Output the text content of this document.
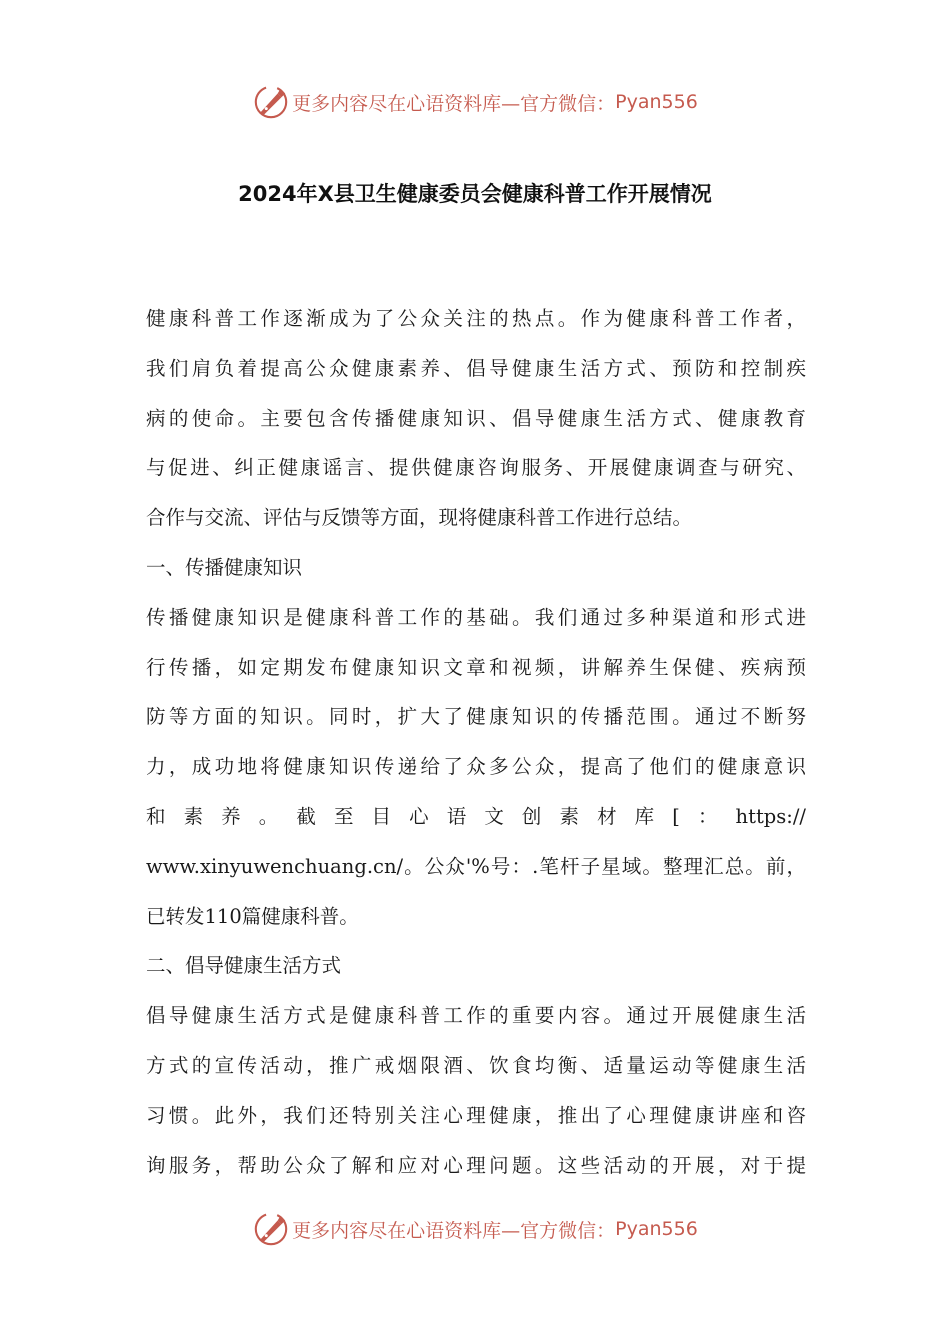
更多内容尽在心语资料库—官方微信： Pyan556
2024年X县卫生健康委员会健康科普工作开展情况
健康科普工作逐渐成为了公众关注的热点。作为健康科普工作者，
我们肩负着提高公众健康素养、倡导健康生活方式、预防和控制疾
病的使命。主要包含传播健康知识、倡导健康生活方式、健康教育
与促进、纠正健康谣言、提供健康咨询服务、开展健康调查与研究、
合作与交流、评估与反馈等方面，现将健康科普工作进行总结。
一、传播健康知识
传播健康知识是健康科普工作的基础。我们通过多种渠道和形式进
行传播，如定期发布健康知识文章和视频，讲解养生保健、疾病预
防等方面的知识。同时，扩大了健康知识的传播范围。通过不断努
力，成功地将健康知识传递给了众多公众，提高了他们的健康意识
和素养。截至目心语文创素材库[：https://
www.xinyuwenchuang.cn/。公众'%号：.笔杆子星域。整理汇总。前，
已转发110篇健康科普。
二、倡导健康生活方式
倡导健康生活方式是健康科普工作的重要内容。通过开展健康生活
方式的宣传活动，推广戒烟限酒、饮食均衡、适量运动等健康生活
习惯。此外，我们还特别关注心理健康，推出了心理健康讲座和咨
询服务，帮助公众了解和应对心理问题。这些活动的开展，对于提
更多内容尽在心语资料库—官方微信： Pyan556
